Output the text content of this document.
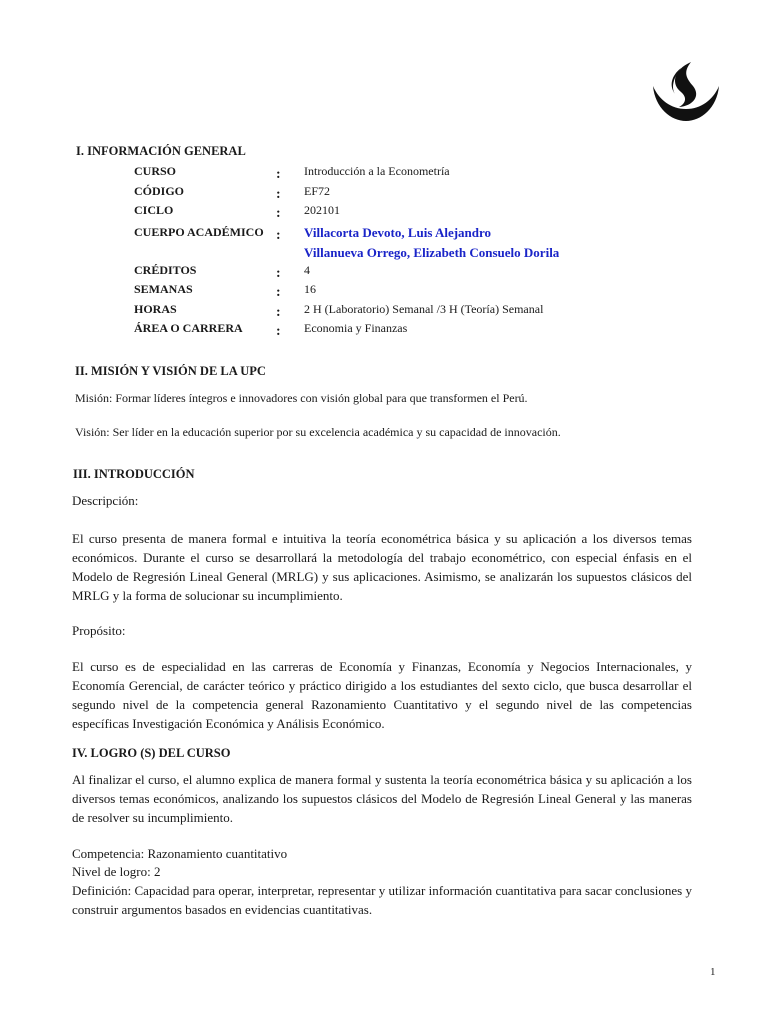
I. INFORMACIÓN GENERAL
CURSO	: Introducción a la Econometría
CÓDIGO	: EF72
CICLO	: 202101
CUERPO ACADÉMICO : Villacorta Devoto, Luis Alejandro
Villanueva Orrego, Elizabeth Consuelo Dorila
CRÉDITOS	: 4
SEMANAS	: 16
HORAS	: 2 H (Laboratorio) Semanal /3 H (Teoría) Semanal
ÁREA O CARRERA : Economia y Finanzas
II. MISIÓN Y VISIÓN DE LA UPC

Misión: Formar líderes íntegros e innovadores con visión global para que transformen el Perú.

Visión: Ser líder en la educación superior por su excelencia académica y su capacidad de innovación.

III. INTRODUCCIÓN

Descripción:

El curso presenta de manera formal e intuitiva la teoría econométrica básica y su aplicación a los diversos temas económicos. Durante el curso se desarrollará la metodología del trabajo econométrico, con especial énfasis en el Modelo de Regresión Lineal General (MRLG) y sus aplicaciones. Asimismo, se analizarán los supuestos clásicos del MRLG y la forma de solucionar su incumplimiento.

Propósito:

El curso es de especialidad en las carreras de Economía y Finanzas, Economía y Negocios Internacionales, y Economía Gerencial, de carácter teórico y práctico dirigido a los estudiantes del sexto ciclo, que busca desarrollar el segundo nivel de la competencia general Razonamiento Cuantitativo y el segundo nivel de las competencias específicas Investigación Económica y Análisis Económico.

IV. LOGRO (S) DEL CURSO

Al finalizar el curso, el alumno explica de manera formal y sustenta la teoría econométrica básica y su aplicación a los diversos temas económicos, analizando los supuestos clásicos del Modelo de Regresión Lineal General y las maneras de resolver su incumplimiento.

Competencia: Razonamiento cuantitativo

Nivel de logro: 2

Definición: Capacidad para operar, interpretar, representar y utilizar información cuantitativa para sacar conclusiones y construir argumentos basados en evidencias cuantitativas.

1
